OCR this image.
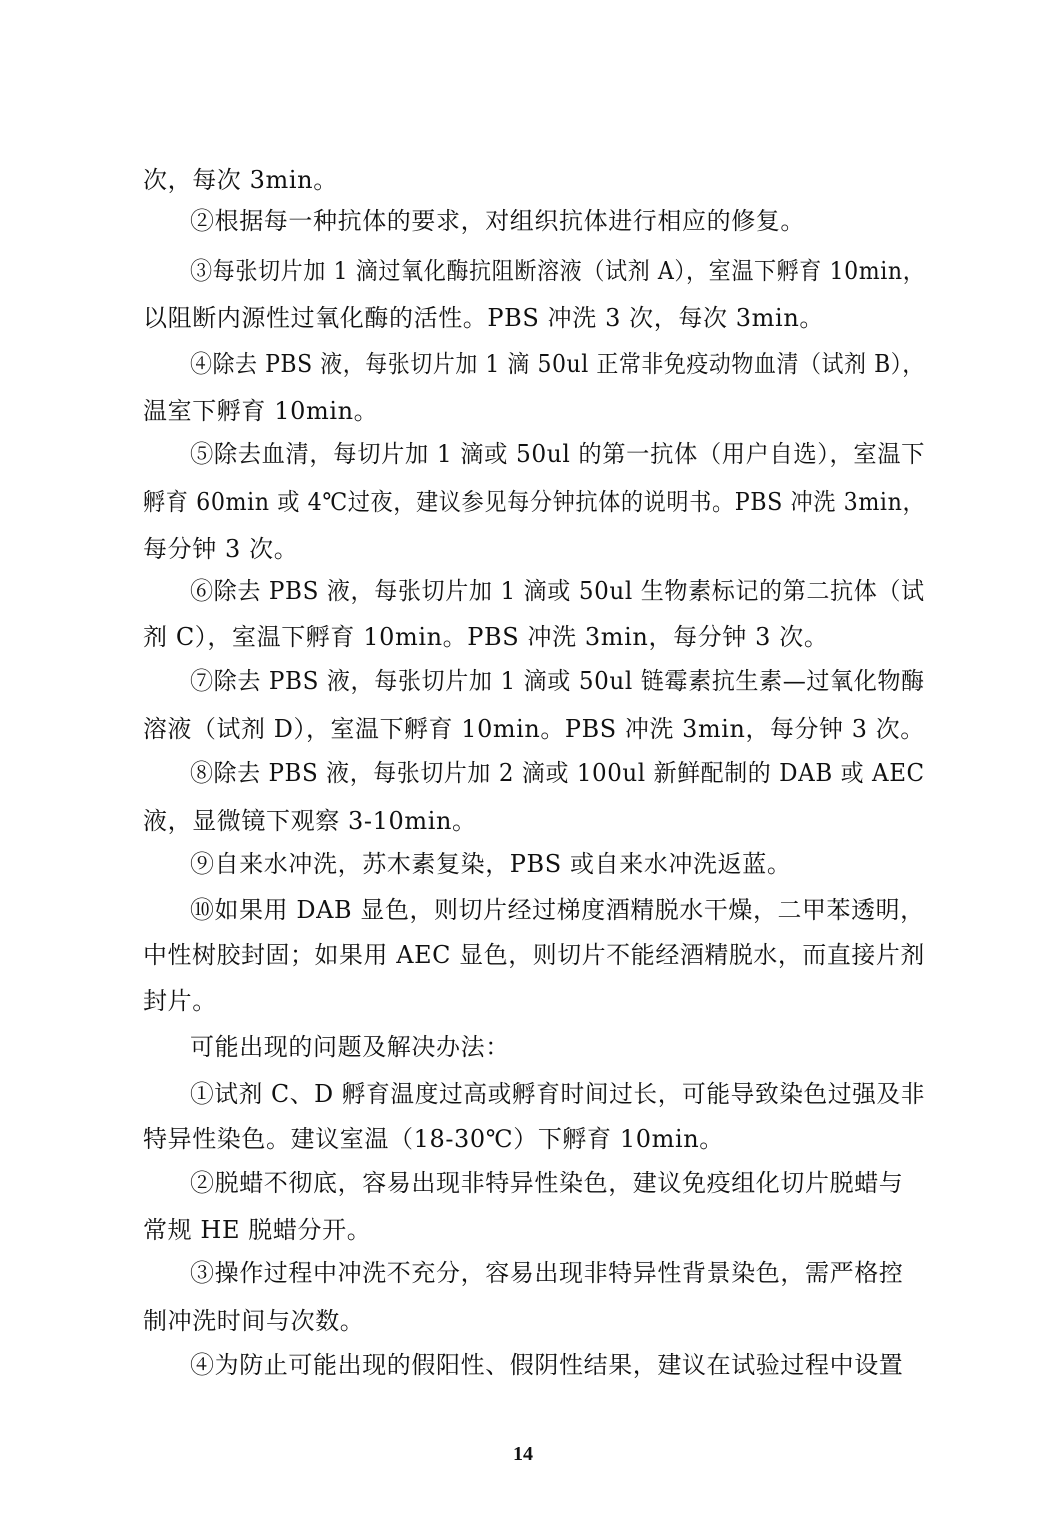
次，每次 3min。
②根据每一种抗体的要求，对组织抗体进行相应的修复。
③每张切片加 1 滴过氧化酶抗阻断溶液（试剂 A），室温下孵育 10min，
以阻断内源性过氧化酶的活性。PBS 冲洗 3 次，每次 3min。
④除去 PBS 液，每张切片加 1 滴 50ul 正常非免疫动物血清（试剂 B），
温室下孵育 10min。
⑤除去血清，每切片加 1 滴或 50ul 的第一抗体（用户自选），室温下
孵育 60min 或 4℃过夜，建议参见每分钟抗体的说明书。PBS 冲洗 3min，
每分钟 3 次。
⑥除去 PBS 液，每张切片加 1 滴或 50ul 生物素标记的第二抗体（试
剂 C），室温下孵育 10min。PBS 冲洗 3min，每分钟 3 次。
⑦除去 PBS 液，每张切片加 1 滴或 50ul 链霉素抗生素—过氧化物酶
溶液（试剂 D），室温下孵育 10min。PBS 冲洗 3min，每分钟 3 次。
⑧除去 PBS 液，每张切片加 2 滴或 100ul 新鲜配制的 DAB 或 AEC
液，显微镜下观察 3-10min。
⑨自来水冲洗，苏木素复染，PBS 或自来水冲洗返蓝。
⑩如果用 DAB 显色，则切片经过梯度酒精脱水干燥，二甲苯透明，
中性树胶封固；如果用 AEC 显色，则切片不能经酒精脱水，而直接片剂
封片。
可能出现的问题及解决办法：
①试剂 C、D 孵育温度过高或孵育时间过长，可能导致染色过强及非
特异性染色。建议室温（18-30℃）下孵育 10min。
②脱蜡不彻底，容易出现非特异性染色，建议免疫组化切片脱蜡与
常规 HE 脱蜡分开。
③操作过程中冲洗不充分，容易出现非特异性背景染色，需严格控
制冲洗时间与次数。
④为防止可能出现的假阳性、假阴性结果，建议在试验过程中设置
14
